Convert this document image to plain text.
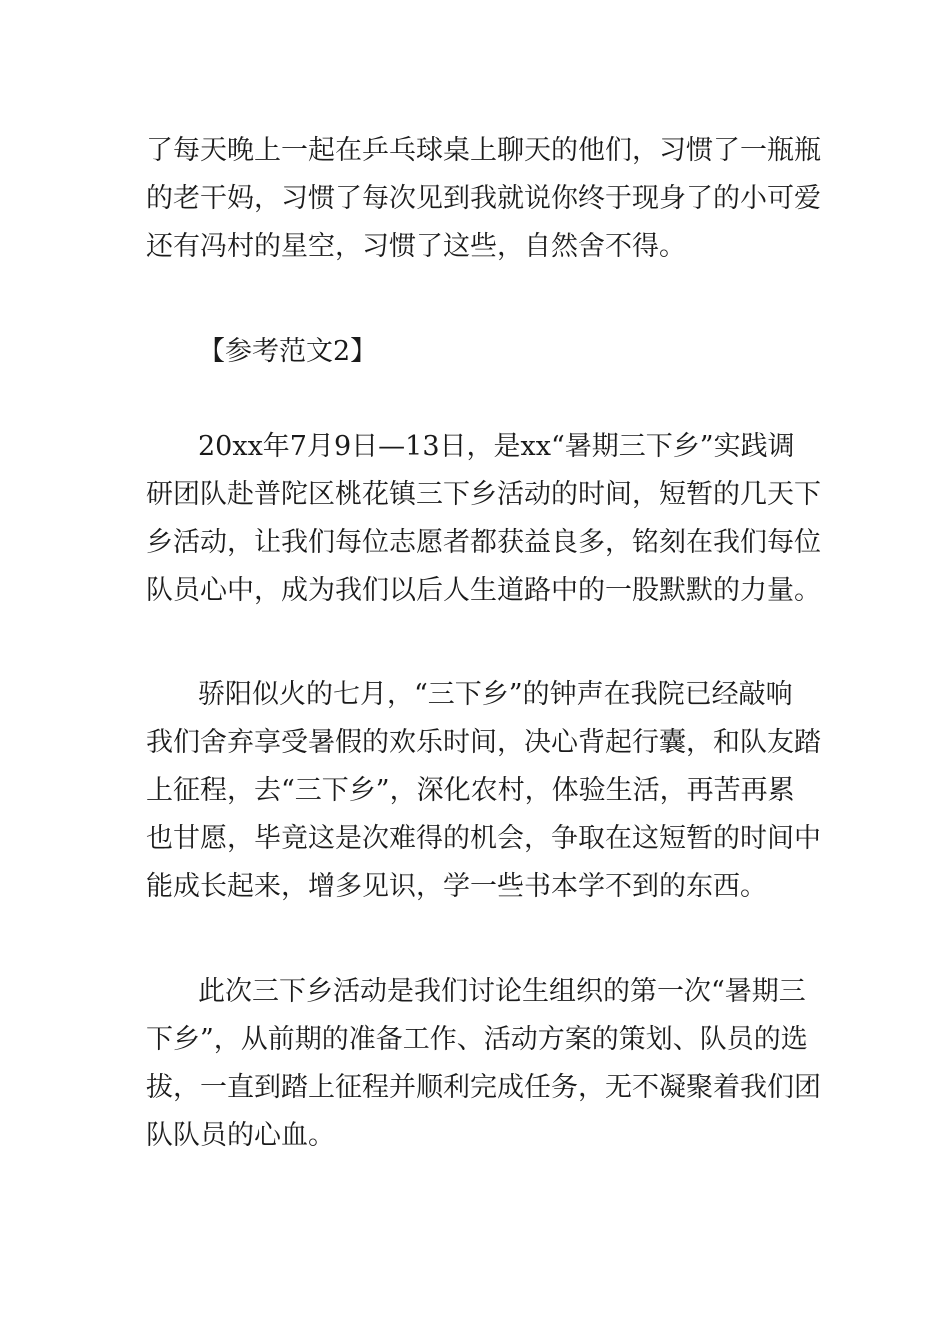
了每天晚上一起在乒乓球桌上聊天的他们，习惯了一瓶瓶
的老干妈，习惯了每次见到我就说你终于现身了的小可爱
还有冯村的星空，习惯了这些，自然舍不得。
【参考范文2】
20xx年7月9日—13日，是xx“暑期三下乡”实践调
研团队赴普陀区桃花镇三下乡活动的时间，短暂的几天下
乡活动，让我们每位志愿者都获益良多，铭刻在我们每位
队员心中，成为我们以后人生道路中的一股默默的力量。
骄阳似火的七月，“三下乡”的钟声在我院已经敲响
我们舍弃享受暑假的欢乐时间，决心背起行囊，和队友踏
上征程，去“三下乡”，深化农村，体验生活，再苦再累
也甘愿，毕竟这是次难得的机会，争取在这短暂的时间中
能成长起来，增多见识，学一些书本学不到的东西。
此次三下乡活动是我们讨论生组织的第一次“暑期三
下乡”，从前期的准备工作、活动方案的策划、队员的选
拔，一直到踏上征程并顺利完成任务，无不凝聚着我们团
队队员的心血。
